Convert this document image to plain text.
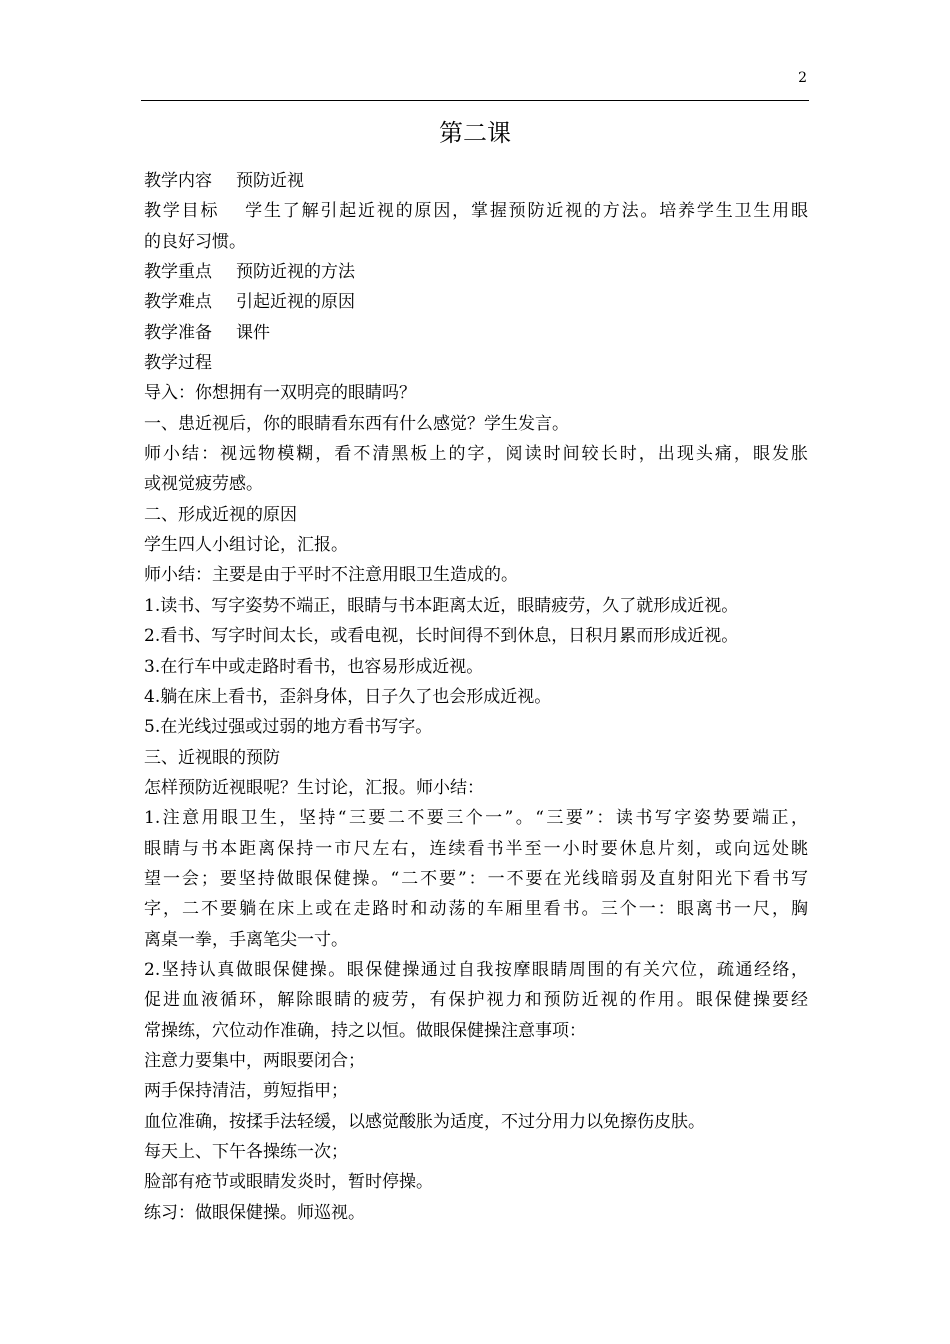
2
第二课
教学内容 预防近视
教学目标 学生了解引起近视的原因，掌握预防近视的方法。培养学生卫生用眼
的良好习惯。
教学重点 预防近视的方法
教学难点 引起近视的原因
教学准备 课件
教学过程
导入：你想拥有一双明亮的眼睛吗？
一、患近视后，你的眼睛看东西有什么感觉？学生发言。
师小结：视远物模糊，看不清黑板上的字，阅读时间较长时，出现头痛，眼发胀
或视觉疲劳感。
二、形成近视的原因
学生四人小组讨论，汇报。
师小结：主要是由于平时不注意用眼卫生造成的。
1.读书、写字姿势不端正，眼睛与书本距离太近，眼睛疲劳，久了就形成近视。
2.看书、写字时间太长，或看电视，长时间得不到休息，日积月累而形成近视。
3.在行车中或走路时看书，也容易形成近视。
4.躺在床上看书，歪斜身体，日子久了也会形成近视。
5.在光线过强或过弱的地方看书写字。
三、近视眼的预防
怎样预防近视眼呢？生讨论，汇报。师小结：
1.注意用眼卫生，坚持“三要二不要三个一”。“三要”：读书写字姿势要端正，
眼睛与书本距离保持一市尺左右，连续看书半至一小时要休息片刻，或向远处眺
望一会；要坚持做眼保健操。“二不要”：一不要在光线暗弱及直射阳光下看书写
字，二不要躺在床上或在走路时和动荡的车厢里看书。三个一：眼离书一尺，胸
离桌一拳，手离笔尖一寸。
2.坚持认真做眼保健操。眼保健操通过自我按摩眼睛周围的有关穴位，疏通经络，
促进血液循环，解除眼睛的疲劳，有保护视力和预防近视的作用。眼保健操要经
常操练，穴位动作准确，持之以恒。做眼保健操注意事项：
注意力要集中，两眼要闭合；
两手保持清洁，剪短指甲；
血位准确，按揉手法轻缓，以感觉酸胀为适度，不过分用力以免擦伤皮肤。
每天上、下午各操练一次；
脸部有疮节或眼睛发炎时，暂时停操。
练习：做眼保健操。师巡视。
